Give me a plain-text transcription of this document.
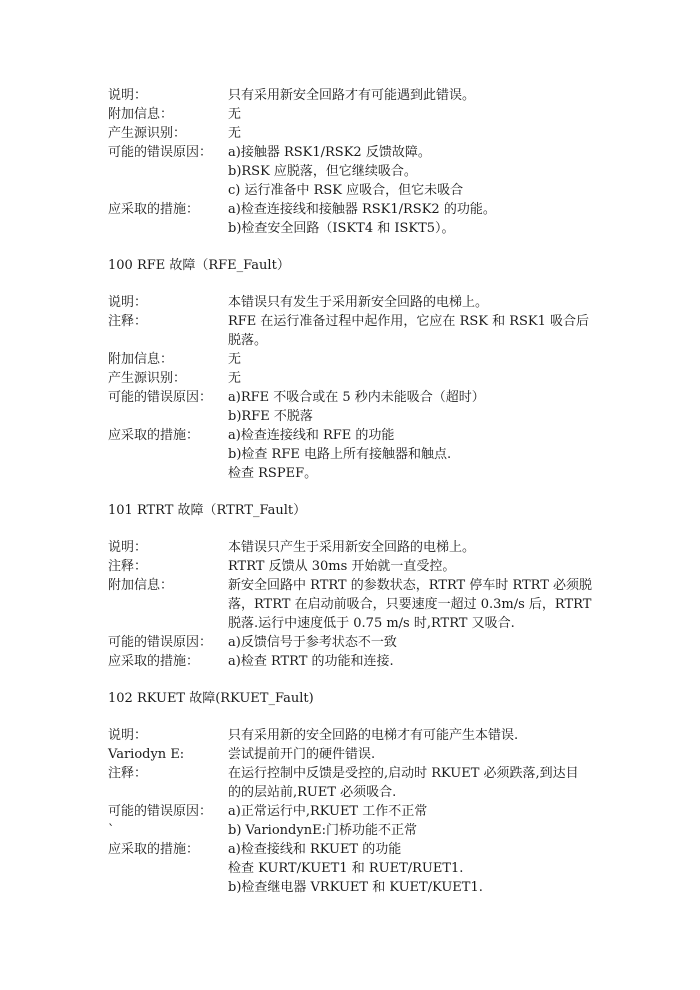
说明：	只有采用新安全回路才有可能遇到此错误。
附加信息：	无
产生源识别：	无
可能的错误原因：	a)接触器 RSK1/RSK2 反馈故障。
b)RSK 应脱落，但它继续吸合。
c) 运行准备中 RSK 应吸合，但它未吸合
应采取的措施：	a)检查连接线和接触器 RSK1/RSK2 的功能。
b)检查安全回路（ISKT4 和 ISKT5）。
100 RFE 故障（RFE_Fault）
说明：	本错误只有发生于采用新安全回路的电梯上。
注释：	RFE 在运行准备过程中起作用，它应在 RSK 和 RSK1 吸合后
脱落。
附加信息：	无
产生源识别：	无
可能的错误原因：	a)RFE 不吸合或在 5 秒内未能吸合（超时）
b)RFE 不脱落
应采取的措施：	a)检查连接线和 RFE 的功能
b)检查 RFE 电路上所有接触器和触点.
检查 RSPEF。
101 RTRT 故障（RTRT_Fault）
说明：	本错误只产生于采用新安全回路的电梯上。
注释：	RTRT 反馈从 30ms 开始就一直受控。
附加信息：	新安全回路中 RTRT 的参数状态，RTRT 停车时 RTRT 必须脱
落，RTRT 在启动前吸合，只要速度一超过 0.3m/s 后，RTRT
脱落.运行中速度低于 0.75 m/s 时,RTRT 又吸合.
可能的错误原因：	a)反馈信号于参考状态不一致
应采取的措施：	a)检查 RTRT 的功能和连接.
102 RKUET 故障(RKUET_Fault)
说明：	只有采用新的安全回路的电梯才有可能产生本错误.
Variodyn E:	尝试提前开门的硬件错误.
注释：	在运行控制中反馈是受控的,启动时 RKUET 必须跌落,到达目
的的层站前,RUET 必须吸合.
可能的错误原因：	a)正常运行中,RKUET 工作不正常
`	b) VariondynE:门桥功能不正常
应采取的措施：	a)检查接线和 RKUET 的功能
检查 KURT/KUET1 和 RUET/RUET1.
b)检查继电器 VRKUET 和 KUET/KUET1.
